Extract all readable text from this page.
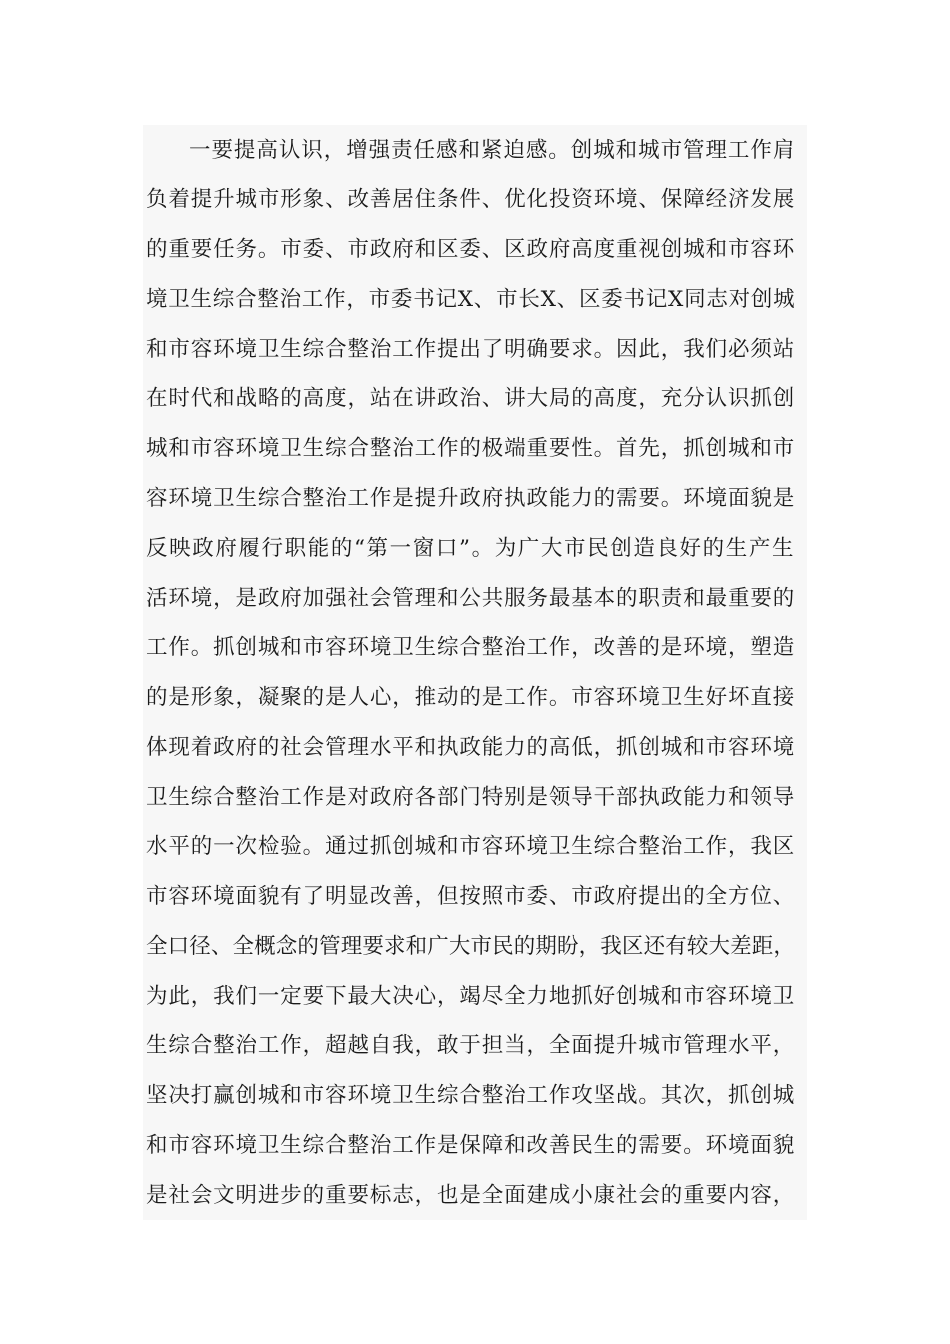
一要提高认识，增强责任感和紧迫感。创城和城市管理工作肩
负着提升城市形象、改善居住条件、优化投资环境、保障经济发展
的重要任务。市委、市政府和区委、区政府高度重视创城和市容环
境卫生综合整治工作，市委书记X、市长X、区委书记X同志对创城
和市容环境卫生综合整治工作提出了明确要求。因此，我们必须站
在时代和战略的高度，站在讲政治、讲大局的高度，充分认识抓创
城和市容环境卫生综合整治工作的极端重要性。首先，抓创城和市
容环境卫生综合整治工作是提升政府执政能力的需要。环境面貌是
反映政府履行职能的“第一窗口”。为广大市民创造良好的生产生
活环境，是政府加强社会管理和公共服务最基本的职责和最重要的
工作。抓创城和市容环境卫生综合整治工作，改善的是环境，塑造
的是形象，凝聚的是人心，推动的是工作。市容环境卫生好坏直接
体现着政府的社会管理水平和执政能力的高低，抓创城和市容环境
卫生综合整治工作是对政府各部门特别是领导干部执政能力和领导
水平的一次检验。通过抓创城和市容环境卫生综合整治工作，我区
市容环境面貌有了明显改善，但按照市委、市政府提出的全方位、
全口径、全概念的管理要求和广大市民的期盼，我区还有较大差距，
为此，我们一定要下最大决心，竭尽全力地抓好创城和市容环境卫
生综合整治工作，超越自我，敢于担当，全面提升城市管理水平，
坚决打赢创城和市容环境卫生综合整治工作攻坚战。其次，抓创城
和市容环境卫生综合整治工作是保障和改善民生的需要。环境面貌
是社会文明进步的重要标志，也是全面建成小康社会的重要内容，
